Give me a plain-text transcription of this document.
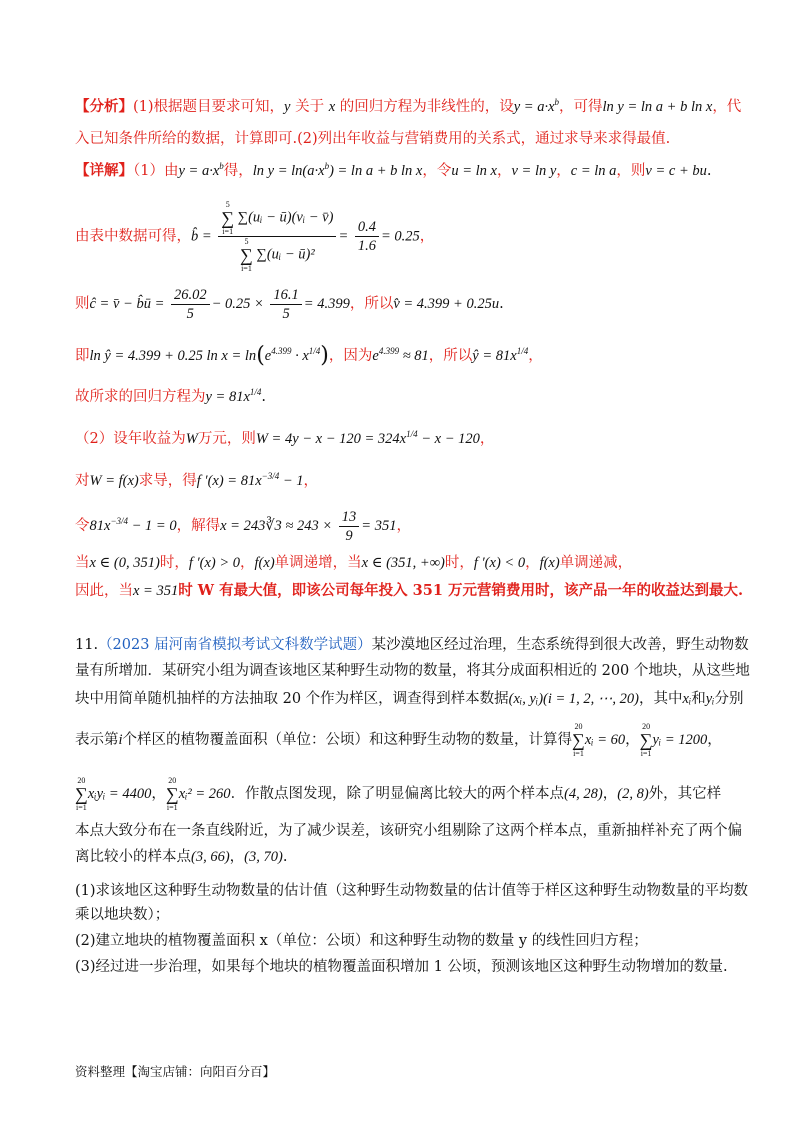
【分析】(1)根据题目要求可知，y 关于 x 的回归方程为非线性的，设$y = a\cdot x^b$，可得ln y = ln a + b ln x，代
入已知条件所给的数据，计算即可.(2)列出年收益与营销费用的关系式，通过求导来求得最值.
【详解】（1）由$y = a\cdot x^b$得，$\ln y = \ln(a\cdot x^b) = \ln a + b$ ln x，令u = ln x，v = ln y，c = ln a，则v = c + bu.
由表中数据可得，b̂ = 5
∑
i=1
∑(uᵢ − ū)(vᵢ − v̄)
5
∑
i=1
∑(uᵢ − ū)² = $\frac{0.4}{1.6} = 0.25$，
则ĉ = v̄ − b̂ū = $\frac{26.02}{5} - 0.25 \times \frac{16.1}{5} = 4.399$，所以v̂ = 4.399 + 0.25u.
即ln ŷ = 4.399 + 0.25 $\ln x = \ln(e^{4.399} \cdot x^{1/4})$，因为$e^{4.399} \approx 81$，所以ŷ = $81x^{1/4}$，
故所求的回归方程为$y = 81x^{1/4}$.
（2）设年收益为W万元，则$W = 4y - x - 120 = 324x^{1/4} - x - 120$，
对W = f(x)求导，得f $'(x) = 81x^{-3/4} - 1$，
令$81x^{-3/4} - 1 = 0$，解得x = 243∛3 ≈ $243 \times \frac{13}{9} = 351$，
当x ∈ (0, 351)时，f ′(x) > 0，f(x)单调递增，当x ∈ (351, +∞)时，f ′(x) < 0，f(x)单调递减，
因此，当x = 351时 W 有最大值，即该公司每年投入 351 万元营销费用时，该产品一年的收益达到最大.
11.（2023 届河南省模拟考试文科数学试题）某沙漠地区经过治理，生态系统得到很大改善，野生动物数
量有所增加．某研究小组为调查该地区某种野生动物的数量，将其分成面积相近的 200 个地块，从这些地
块中用简单随机抽样的方法抽取 20 个作为样区，调查得到样本数据(xᵢ, yᵢ)(i = 1, 2, ⋯, 20)，其中xᵢ和yᵢ分别
表示第i个样区的植物覆盖面积（单位：公顷）和这种野生动物的数量，计算得
20
∑
i=1
xᵢ = 60，
20
∑
i=1
yᵢ = 1200，
20
∑
i=1
xᵢyᵢ = 4400，
20
∑
i=1
xᵢ² = 260．作散点图发现，除了明显偏离比较大的两个样本点(4, 28)，(2, 8)外，其它样
本点大致分布在一条直线附近，为了减少误差，该研究小组剔除了这两个样本点，重新抽样补充了两个偏
离比较小的样本点(3, 66)，(3, 70).
(1)求该地区这种野生动物数量的估计值（这种野生动物数量的估计值等于样区这种野生动物数量的平均数
乘以地块数）；
(2)建立地块的植物覆盖面积 x（单位：公顷）和这种野生动物的数量 y 的线性回归方程；
(3)经过进一步治理，如果每个地块的植物覆盖面积增加 1 公顷，预测该地区这种野生动物增加的数量.
资料整理【淘宝店铺：向阳百分百】
